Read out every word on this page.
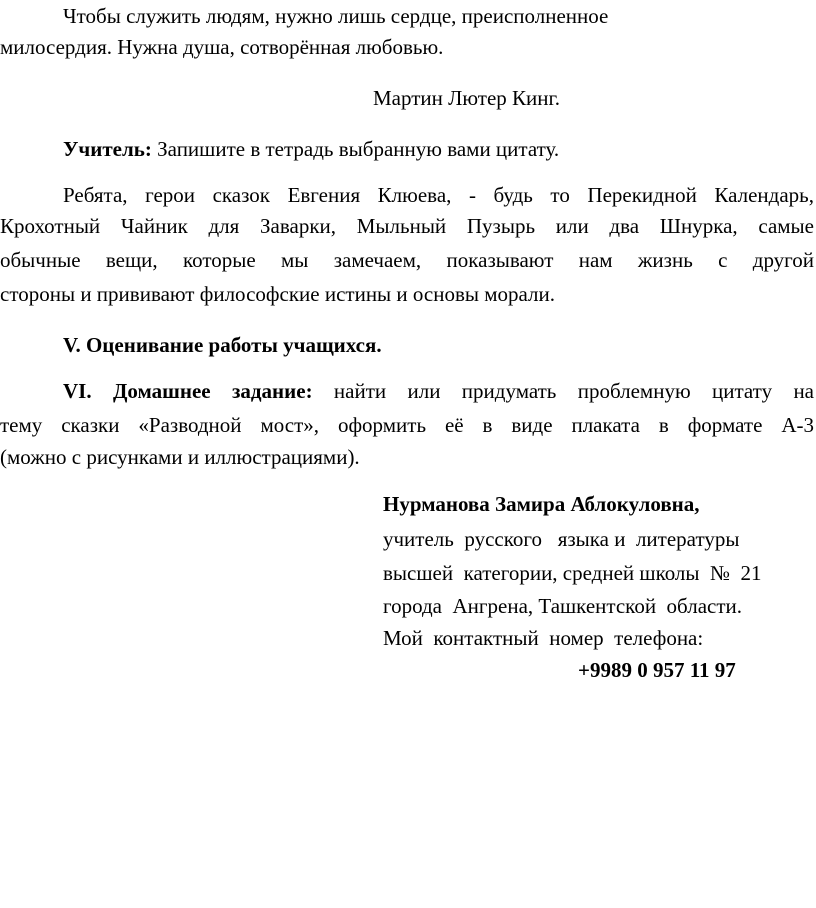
Чтобы служить людям, нужно лишь сердце, преисполненное
милосердия. Нужна душа, сотворённая любовью.
Мартин Лютер Кинг.
Учитель: Запишите в тетрадь выбранную вами цитату.
Ребята, герои сказок Евгения Клюева, - будь то Перекидной Календарь,
Крохотный Чайник для Заварки, Мыльный Пузырь или два Шнурка, самые
обычные вещи, которые мы замечаем, показывают нам жизнь с другой
стороны и прививают философские истины и основы морали.
V. Оценивание работы учащихся.
VI. Домашнее задание: найти или придумать проблемную цитату на
тему сказки «Разводной мост», оформить её в виде плаката в формате А-3
(можно с рисунками и иллюстрациями).
Нурманова Замира Аблокуловна,
учитель  русского   языка и  литературы
высшей  категории, средней школы  №  21
города  Ангрена, Ташкентской  области.
Мой  контактный  номер  телефона:
+9989 0 957 11 97
